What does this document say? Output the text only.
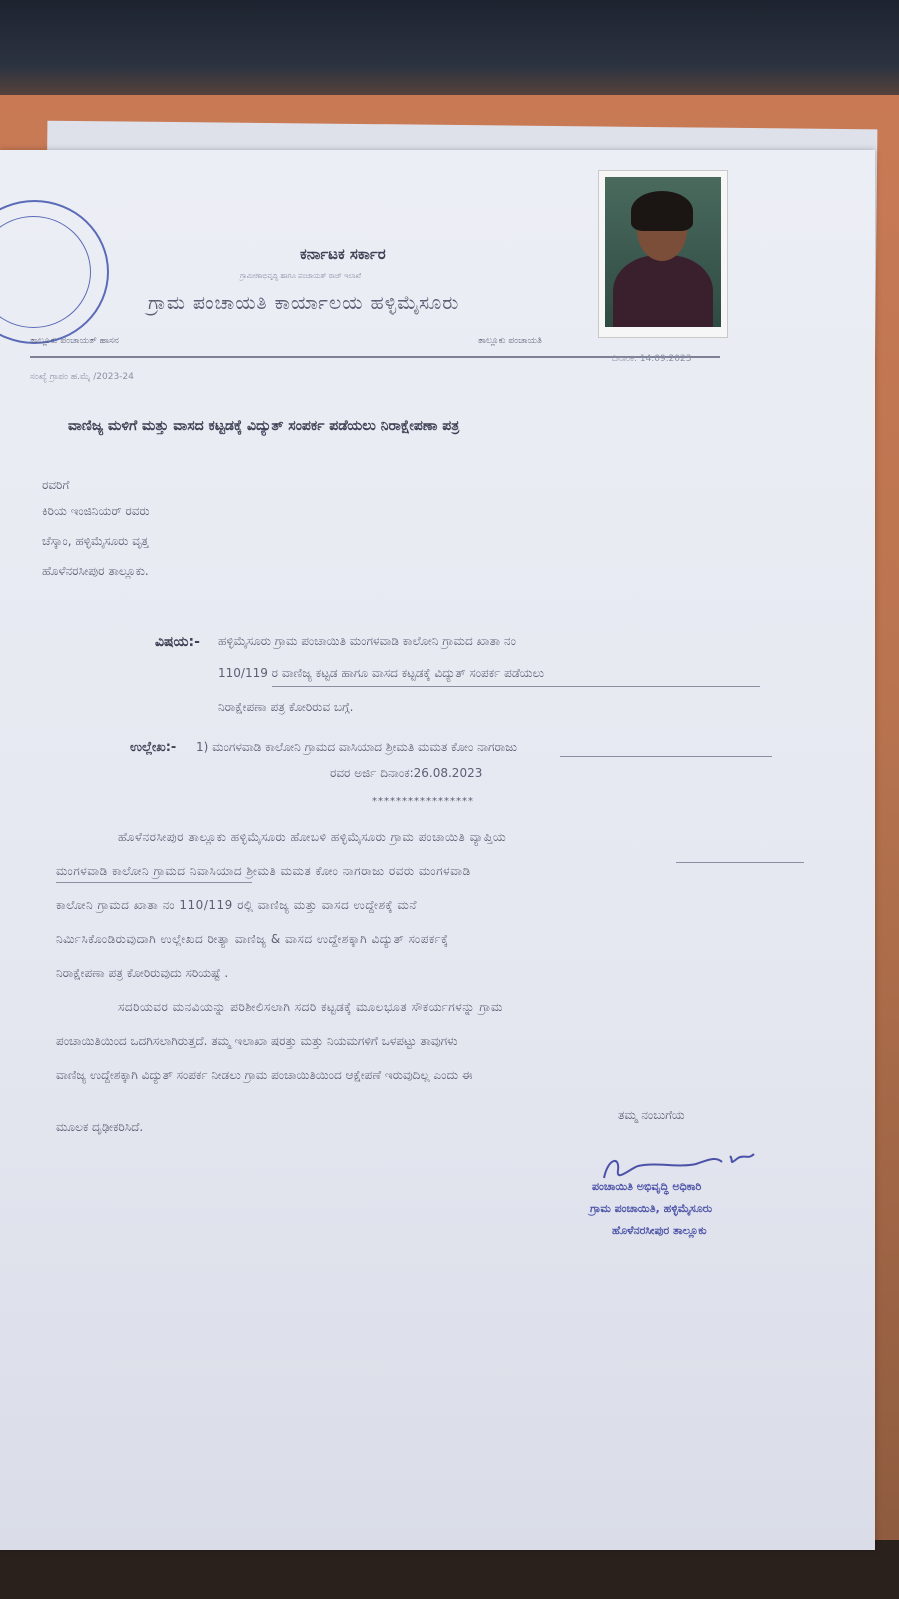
ಕರ್ನಾಟಕ ಸರ್ಕಾರ
ಗ್ರಾಮೀಣಾಭಿವೃದ್ಧಿ ಹಾಗೂ ಪಂಚಾಯತ್ ರಾಜ್ ಇಲಾಖೆ
ಗ್ರಾಮ ಪಂಚಾಯತಿ ಕಾರ್ಯಾಲಯ ಹಳ್ಳಿಮೈಸೂರು
ತಾಲ್ಲೂಕು ಪಂಚಾಯತ್ ಹಾಸನ	ತಾಲ್ಲೂಕು ಪಂಚಾಯತಿ
ಸಂಖ್ಯೆ ಗ್ರಾಪಂ ಹ.ಮೈ /2023-24
ದಿನಾಂಕ: 14.09.2023
ವಾಣಿಜ್ಯ ಮಳಿಗೆ ಮತ್ತು ವಾಸದ ಕಟ್ಟಡಕ್ಕೆ ವಿದ್ಯುತ್ ಸಂಪರ್ಕ ಪಡೆಯಲು ನಿರಾಕ್ಷೇಪಣಾ ಪತ್ರ
ರವರಿಗೆ
ಕಿರಿಯ ಇಂಜಿನಿಯರ್ ರವರು
ಚೆಸ್ಕಾಂ, ಹಳ್ಳಿಮೈಸೂರು ವೃತ್ತ
ಹೊಳೆನರಸೀಪುರ ತಾಲ್ಲೂಕು.
ವಿಷಯ:- ಹಳ್ಳಿಮೈಸೂರು ಗ್ರಾಮ ಪಂಚಾಯಿತಿ ಮಂಗಳವಾಡಿ ಕಾಲೋನಿ ಗ್ರಾಮದ ಖಾತಾ ನಂ
110/119 ರ ವಾಣಿಜ್ಯ ಕಟ್ಟಡ ಹಾಗೂ ವಾಸದ ಕಟ್ಟಡಕ್ಕೆ ವಿದ್ಯುತ್ ಸಂಪರ್ಕ ಪಡೆಯಲು
ನಿರಾಕ್ಷೇಪಣಾ ಪತ್ರ ಕೋರಿರುವ ಬಗ್ಗೆ.
ಉಲ್ಲೇಖ:- 1) ಮಂಗಳವಾಡಿ ಕಾಲೋನಿ ಗ್ರಾಮದ ವಾಸಿಯಾದ ಶ್ರೀಮತಿ ಮಮತ ಕೋಂ ನಾಗರಾಜು
ರವರ ಅರ್ಜಿ ದಿನಾಂಕ:26.08.2023
*****************
ಹೊಳೆನರಸೀಪುರ ತಾಲ್ಲೂಕು ಹಳ್ಳಿಮೈಸೂರು ಹೋಬಳಿ ಹಳ್ಳಿಮೈಸೂರು ಗ್ರಾಮ ಪಂಚಾಯಿತಿ ವ್ಯಾಪ್ತಿಯ
ಮಂಗಳವಾಡಿ ಕಾಲೋನಿ ಗ್ರಾಮದ ನಿವಾಸಿಯಾದ ಶ್ರೀಮತಿ ಮಮತ ಕೋಂ ನಾಗರಾಜು ರವರು ಮಂಗಳವಾಡಿ
ಕಾಲೋನಿ ಗ್ರಾಮದ ಖಾತಾ ನಂ 110/119 ರಲ್ಲಿ ವಾಣಿಜ್ಯ ಮತ್ತು ವಾಸದ ಉದ್ದೇಶಕ್ಕೆ ಮನೆ
ನಿರ್ಮಿಸಿಕೊಂಡಿರುವುದಾಗಿ ಉಲ್ಲೇಖದ ರೀತ್ಯಾ ವಾಣಿಜ್ಯ & ವಾಸದ ಉದ್ದೇಶಕ್ಕಾಗಿ ವಿದ್ಯುತ್ ಸಂಪರ್ಕಕ್ಕೆ
ನಿರಾಕ್ಷೇಪಣಾ ಪತ್ರ ಕೋರಿರುವುದು ಸರಿಯಷ್ಟೆ .
ಸದರಿಯವರ ಮನವಿಯನ್ನು ಪರಿಶೀಲಿಸಲಾಗಿ ಸದರಿ ಕಟ್ಟಡಕ್ಕೆ ಮೂಲಭೂತ ಸೌಕರ್ಯಗಳನ್ನು ಗ್ರಾಮ
ಪಂಚಾಯಿತಿಯಿಂದ ಒದಗಿಸಲಾಗಿರುತ್ತದೆ. ತಮ್ಮ ಇಲಾಖಾ ಷರತ್ತು ಮತ್ತು ನಿಯಮಗಳಿಗೆ ಒಳಪಟ್ಟು ತಾವುಗಳು
ವಾಣಿಜ್ಯ ಉದ್ದೇಶಕ್ಕಾಗಿ ವಿದ್ಯುತ್ ಸಂಪರ್ಕ ನೀಡಲು ಗ್ರಾಮ ಪಂಚಾಯಿತಿಯಿಂದ ಆಕ್ಷೇಪಣೆ ಇರುವುದಿಲ್ಲ ಎಂದು ಈ
ಮೂಲಕ ದೃಢೀಕರಿಸಿದೆ.
ತಮ್ಮ ನಂಬುಗೆಯ
ಪಂಚಾಯಿತಿ ಅಭಿವೃದ್ಧಿ ಅಧಿಕಾರಿ
ಗ್ರಾಮ ಪಂಚಾಯಿತಿ, ಹಳ್ಳಿಮೈಸೂರು
ಹೊಳೆನರಸೀಪುರ ತಾಲ್ಲೂಕು
